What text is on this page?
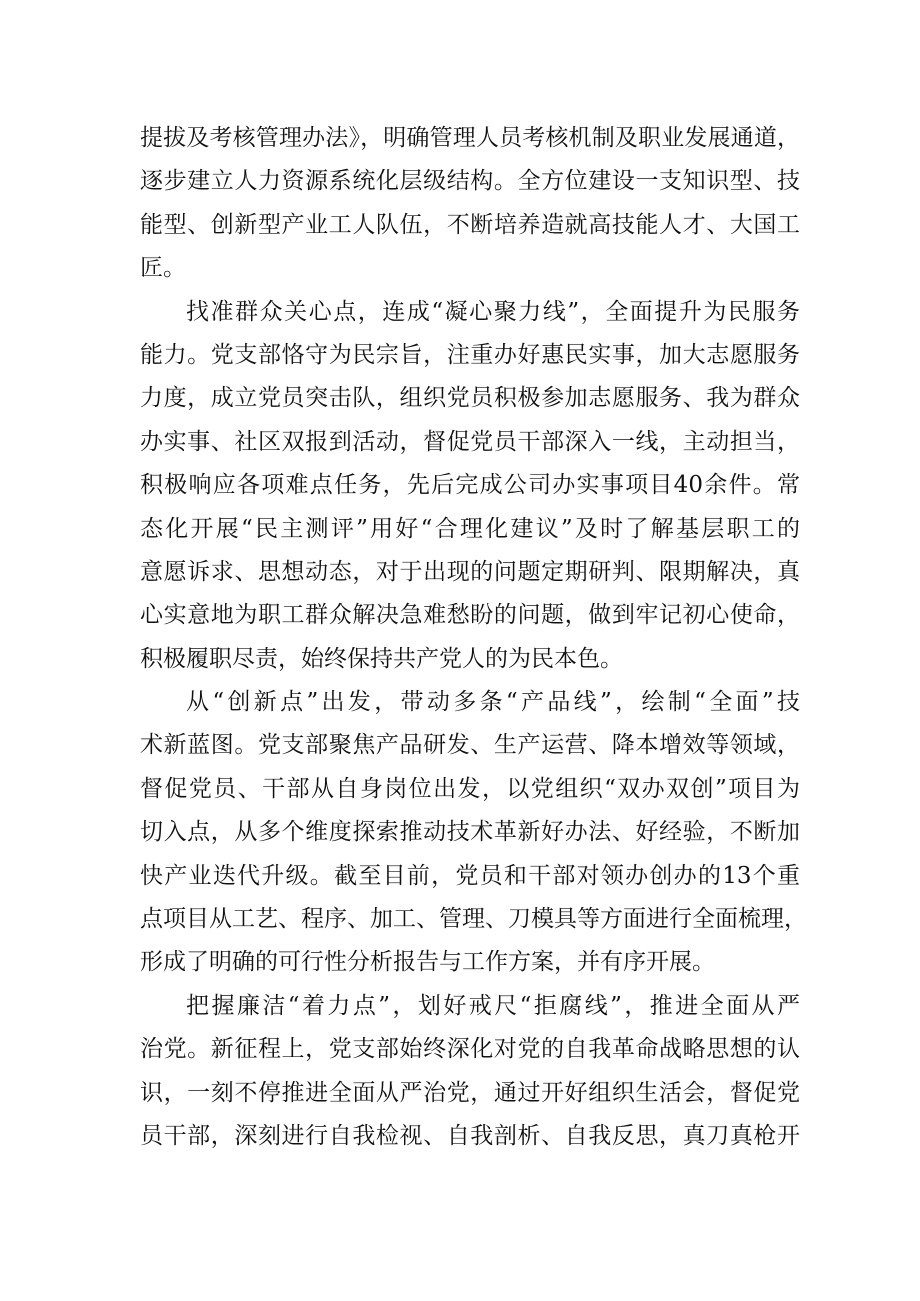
提拔及考核管理办法》，明确管理人员考核机制及职业发展通道，
逐步建立人力资源系统化层级结构。全方位建设一支知识型、技
能型、创新型产业工人队伍，不断培养造就高技能人才、大国工
匠。
找准群众关心点，连成“凝心聚力线”，全面提升为民服务
能力。党支部恪守为民宗旨，注重办好惠民实事，加大志愿服务
力度，成立党员突击队，组织党员积极参加志愿服务、我为群众
办实事、社区双报到活动，督促党员干部深入一线，主动担当，
积极响应各项难点任务，先后完成公司办实事项目40余件。常
态化开展“民主测评”用好“合理化建议”及时了解基层职工的
意愿诉求、思想动态，对于出现的问题定期研判、限期解决，真
心实意地为职工群众解决急难愁盼的问题，做到牢记初心使命，
积极履职尽责，始终保持共产党人的为民本色。
从“创新点”出发，带动多条“产品线”，绘制“全面”技
术新蓝图。党支部聚焦产品研发、生产运营、降本增效等领域，
督促党员、干部从自身岗位出发，以党组织“双办双创”项目为
切入点，从多个维度探索推动技术革新好办法、好经验，不断加
快产业迭代升级。截至目前，党员和干部对领办创办的13个重
点项目从工艺、程序、加工、管理、刀模具等方面进行全面梳理，
形成了明确的可行性分析报告与工作方案，并有序开展。
把握廉洁“着力点”，划好戒尺“拒腐线”，推进全面从严
治党。新征程上，党支部始终深化对党的自我革命战略思想的认
识，一刻不停推进全面从严治党，通过开好组织生活会，督促党
员干部，深刻进行自我检视、自我剖析、自我反思，真刀真枪开
